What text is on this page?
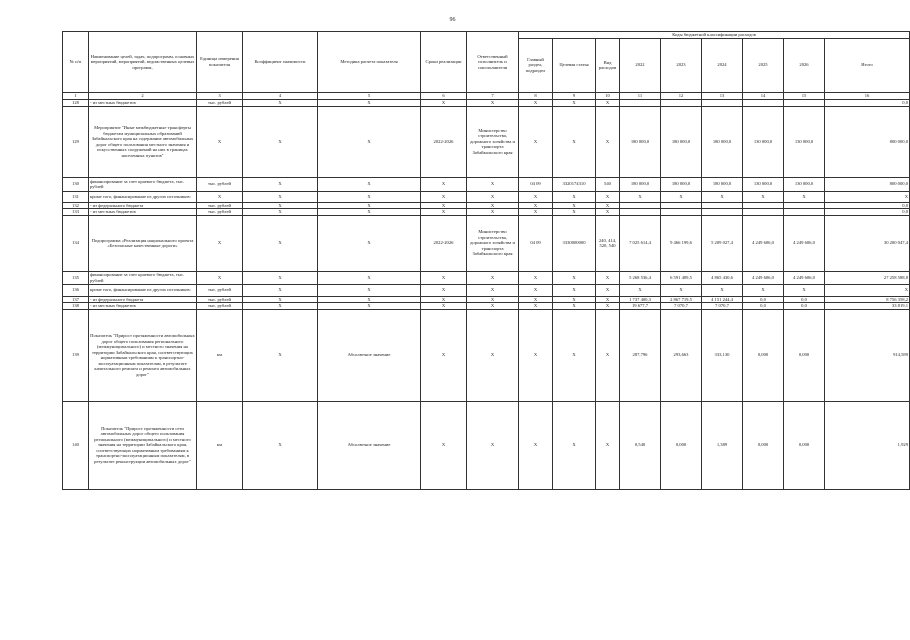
96
№ п/п	Наименование целей, задач, подпрограмм, основных мероприятий, мероприятий, ведомственных целевых программ,	Единица измерения показателя	Коэффициент значимости	Методика расчета показателя	Сроки реализации	Ответственный исполнитель и соисполнители	Коды бюджетной классификации расходов								
							Главный раздел, подраздел	Целевая статья	Вид расходов	2022	2023	2024	2025	2026	Итого
1	2	3	4	5	6	7	8	9	10	11	12	13	14	15	16
128	- из местных бюджетов	тыс. рублей	X	X	X	X	X	X	X						0,0
129	Мероприятие "Иные межбюджетные трансферты бюджетам муниципальных образований Забайкальского края на содержание автомобильных дорог общего пользования местного значения и искусственных сооружений на них в границах населенных пунктов"	X	X	X	2022-2026	Министерство строительства, дорожного хозяйства и транспорта Забайкальского края	X	X	X	180 000,0	180 000,0	180 000,0	130 000,0	130 000,0	800 000,0
130	финансирование за счет краевого бюджета, тыс. рублей	тыс. рублей	X	X	X	X	04 09	3320174310	540	180 000,0	180 000,0	180 000,0	130 000,0	130 000,0	800 000,0
131	кроме того, финансирование из других источников:	X	X	X	X	X	X	X	X	X	X	X	X	X	X
132	- из федерального бюджета	тыс. рублей	X	X	X	X	X	X	X						0,0
133	- из местных бюджетов	тыс. рублей	X	X	X	X	X	X	X						0,0
134	Подпрограмма «Реализация национального проекта «Безопасные качественные дороги»	X	X	X	2022-2026	Министерство строительства, дорожного хозяйства и транспорта Забайкальского края	04 09	3330000000	240, 414, 520, 540	7 025 614,4	9 466 199,6	5 209 027,4	4 249 606,0	4 249 606,0	30 200 047,4
135	финансирование за счет краевого бюджета, тыс. рублей	X	X	X	X	X	X	X	X	5 268 536,4	6 591 409,5	4 865 430,6	4 249 606,0	4 249 606,0	27 258 588,8
136	кроме того, финансирование из других источников:	тыс. рублей	X	X	X	X	X	X	X	X	X	X	X	X	X
137	- из федерального бюджета	тыс. рублей	X	X	X	X	X	X	X	1 737 400,3	2 867 719,5	4 151 244,4	0,0	0,0	8 756 358,2
138	- из местных бюджетов	тыс. рублей	X	X	X	X	X	X	X	19 677,7	7 070,7	7 070,7	0,0	0,0	33 819,1
139	Показатель "Прирост протяженности автомобильных дорог общего пользования регионального (межмуниципального) и местного значения на территории Забайкальского края, соответствующих нормативным требованиям к транспортно-эксплуатационным показателям, в результате капитального ремонта и ремонта автомобильных дорог"	км	X	Абсолютное значение	X	X	X	X	X	287,796	293,663	333,130	0,000	0,000	914,589
140	Показатель "Прирост протяженности сети автомобильных дорог общего пользования регионального (межмуниципального) и местного значения на территории Забайкальского края, соответствующих нормативным требованиям к транспортно-эксплуатационным показателям, в результате реконструкции автомобильных дорог"	км	X	Абсолютное значение	X	X	X	X	X	0,540	0,000	1,389	0,000	0,000	1,929
